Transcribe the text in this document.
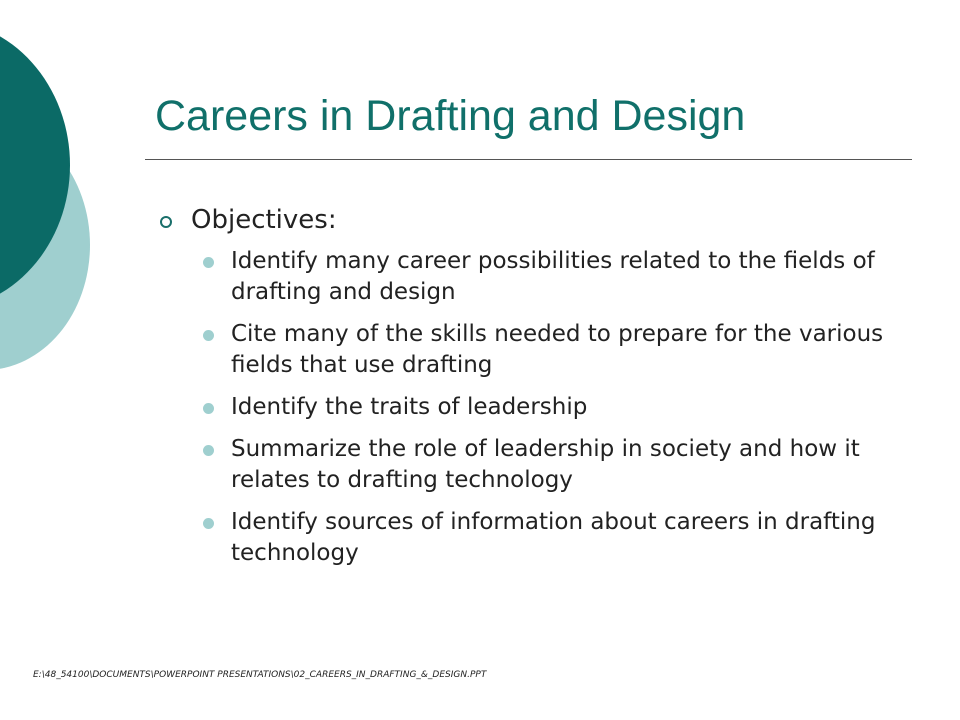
Careers in Drafting and Design
Objectives:
Identify many career possibilities related to the fields of drafting and design
Cite many of the skills needed to prepare for the various fields that use drafting
Identify the traits of leadership
Summarize the role of leadership in society and how it relates to drafting technology
Identify sources of information about careers in drafting technology

E:\48_54100\DOCUMENTS\POWERPOINT PRESENTATIONS\02_CAREERS_IN_DRAFTING_&_DESIGN.PPT
